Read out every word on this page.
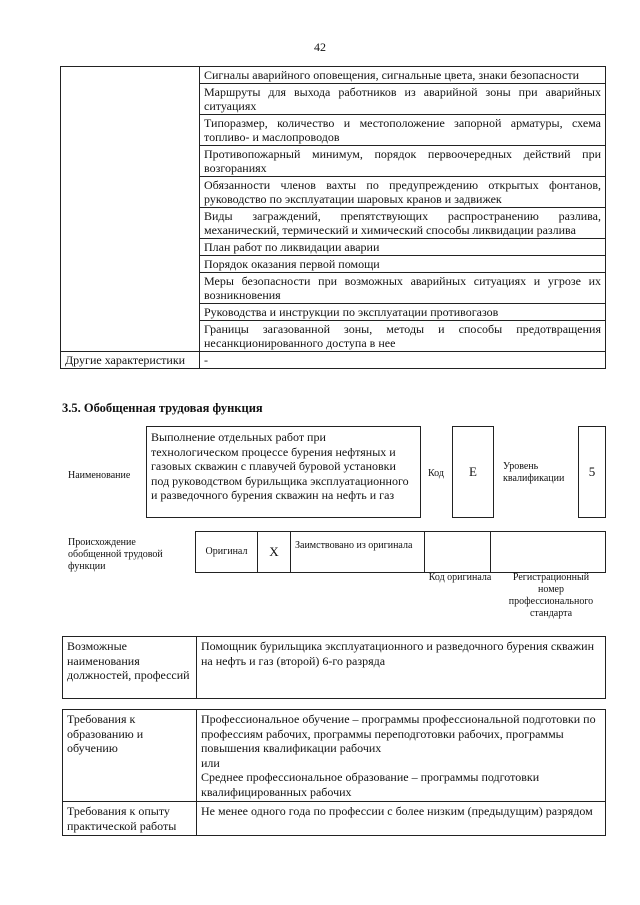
42
	Сигналы аварийного оповещения, сигнальные цвета, знаки безопасности
	Маршруты для выхода работников из аварийной зоны при аварийных ситуациях
	Типоразмер, количество и местоположение запорной арматуры, схема топливо- и маслопроводов
	Противопожарный минимум, порядок первоочередных действий при возгораниях
	Обязанности членов вахты по предупреждению открытых фонтанов, руководство по эксплуатации шаровых кранов и задвижек
	Виды заграждений, препятствующих распространению разлива, механический, термический и химический способы ликвидации разлива
	План работ по ликвидации аварии
	Порядок оказания первой помощи
	Меры безопасности при возможных аварийных ситуациях и угрозе их возникновения
	Руководства и инструкции по эксплуатации противогазов
	Границы загазованной зоны, методы и способы предотвращения несанкционированного доступа в нее
Другие характеристики	-
3.5. Обобщенная трудовая функция
Наименование
Выполнение отдельных работ при технологическом процессе бурения нефтяных и газовых скважин с плавучей буровой установки под руководством бурильщика эксплуатационного и разведочного бурения скважин на нефть и газ
Код	E	Уровень квалификации	5
Происхождение обобщенной трудовой функции
Оригинал	X	Заимствовано из оригинала
Код оригинала	Регистрационный номер профессионального стандарта
Возможные наименования должностей, профессий	Помощник бурильщика эксплуатационного и разведочного бурения скважин на нефть и газ (второй) 6-го разряда
Требования к образованию и обучению	Профессиональное обучение – программы профессиональной подготовки по профессиям рабочих, программы переподготовки рабочих, программы повышения квалификации рабочих
или
Среднее профессиональное образование – программы подготовки квалифицированных рабочих

Требования к опыту практической работы	Не менее одного года по профессии с более низким (предыдущим) разрядом
